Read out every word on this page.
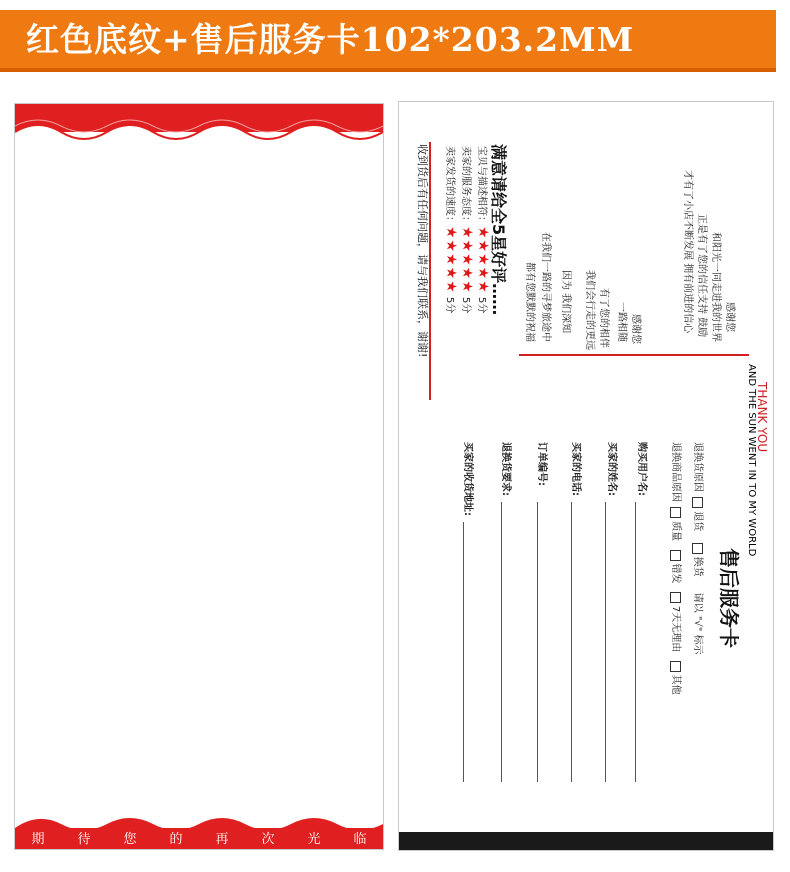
红色底纹+售后服务卡102*203.2MM
期	待	您	的	再	次	光	临
THANK YOU
AND THE SUN WENT IN TO MY WORLD
感谢您
和阳光一同走进我的世界
正是有了您的信任支持 鼓励
才有了小店不断发展 拥有前进的信心
感谢您
一路相随
有了您的相伴
我们会行走的更远
因为 我们深知
在我们一路的寻梦旅途中
都有您默默的祝福
满意请给全5星好评……
宝贝与描述相符：★★★★★ 5分
卖家的服务态度：★★★★★ 5分
卖家发货的速度：★★★★★ 5分
收到货后有任何问题，请与我们联系，谢谢!
售后服务卡
退换货原因 退货   换货     请以 "√" 标示
退换商品原因 质量  错发  7天无理由  其他
购买用户名:
买家的姓名:
买家的电话:
订单编号:
退换货要求:
买家的收货地址:
